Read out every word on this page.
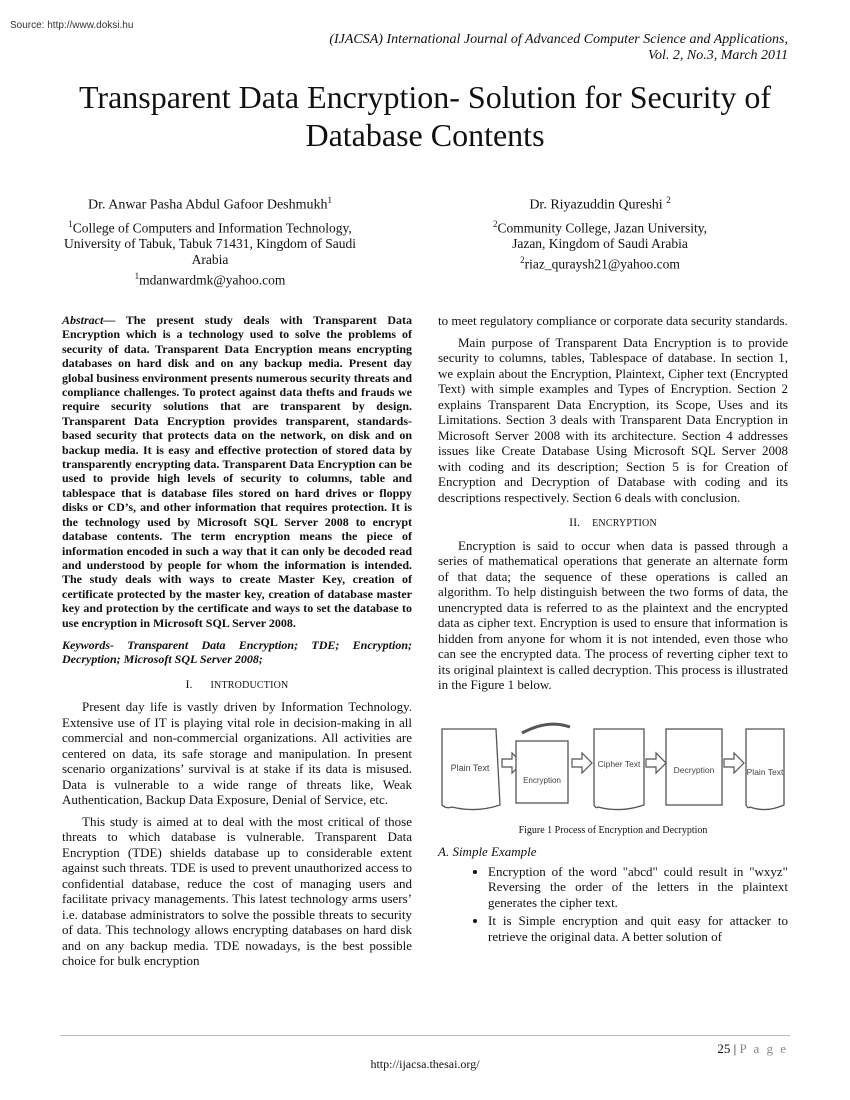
Source: http://www.doksi.hu
(IJACSA) International Journal of Advanced Computer Science and Applications,
Vol. 2, No.3, March 2011
Transparent Data Encryption- Solution for Security of Database Contents
Dr. Anwar Pasha Abdul Gafoor Deshmukh$^1$
$^1$College of Computers and Information Technology, University of Tabuk, Tabuk 71431, Kingdom of Saudi Arabia
$^1$mdanwardmk@yahoo.com
Dr. Riyazuddin Qureshi $^2$
$^2$Community College, Jazan University, Jazan, Kingdom of Saudi Arabia
$^2$riaz_quraysh21@yahoo.com

Abstract— The present study deals with Transparent Data Encryption which is a technology used to solve the problems of security of data. Transparent Data Encryption means encrypting databases on hard disk and on any backup media. Present day global business environment presents numerous security threats and compliance challenges. To protect against data thefts and frauds we require security solutions that are transparent by design. Transparent Data Encryption provides transparent, standards-based security that protects data on the network, on disk and on backup media. It is easy and effective protection of stored data by transparently encrypting data. Transparent Data Encryption can be used to provide high levels of security to columns, table and tablespace that is database files stored on hard drives or floppy disks or CD’s, and other information that requires protection. It is the technology used by Microsoft SQL Server 2008 to encrypt database contents. The term encryption means the piece of information encoded in such a way that it can only be decoded read and understood by people for whom the information is intended. The study deals with ways to create Master Key, creation of certificate protected by the master key, creation of database master key and protection by the certificate and ways to set the database to use encryption in Microsoft SQL Server 2008.

Keywords- Transparent Data Encryption; TDE; Encryption; Decryption; Microsoft SQL Server 2008;

I. INTRODUCTION

Present day life is vastly driven by Information Technology. Extensive use of IT is playing vital role in decision-making in all commercial and non-commercial organizations. All activities are centered on data, its safe storage and manipulation. In present scenario organizations’ survival is at stake if its data is misused. Data is vulnerable to a wide range of threats like, Weak Authentication, Backup Data Exposure, Denial of Service, etc.

This study is aimed at to deal with the most critical of those threats to which database is vulnerable. Transparent Data Encryption (TDE) shields database up to considerable extent against such threats. TDE is used to prevent unauthorized access to confidential database, reduce the cost of managing users and facilitate privacy managements. This latest technology arms users’ i.e. database administrators to solve the possible threats to security of data. This technology allows encrypting databases on hard disk and on any backup media. TDE nowadays, is the best possible choice for bulk encryption

to meet regulatory compliance or corporate data security standards.

Main purpose of Transparent Data Encryption is to provide security to columns, tables, Tablespace of database. In section 1, we explain about the Encryption, Plaintext, Cipher text (Encrypted Text) with simple examples and Types of Encryption. Section 2 explains Transparent Data Encryption, its Scope, Uses and its Limitations. Section 3 deals with Transparent Data Encryption in Microsoft Server 2008 with its architecture. Section 4 addresses issues like Create Database Using Microsoft SQL Server 2008 with coding and its description; Section 5 is for Creation of Encryption and Decryption of Database with coding and its descriptions respectively. Section 6 deals with conclusion.

II. ENCRYPTION

Encryption is said to occur when data is passed through a series of mathematical operations that generate an alternate form of that data; the sequence of these operations is called an algorithm. To help distinguish between the two forms of data, the unencrypted data is referred to as the plaintext and the encrypted data as cipher text. Encryption is used to ensure that information is hidden from anyone for whom it is not intended, even those who can see the encrypted data. The process of reverting cipher text to its original plaintext is called decryption. This process is illustrated in the Figure 1 below.

Plain Text
Encryption
Cipher Text
Decryption	Plain Text

Figure 1 Process of Encryption and Decryption

A. Simple Example

• Encryption of the word "abcd" could result in "wxyz" Reversing the order of the letters in the plaintext generates the cipher text.
• It is Simple encryption and quit easy for attacker to retrieve the original data. A better solution of
25 | P a g e
http://ijacsa.thesai.org/
